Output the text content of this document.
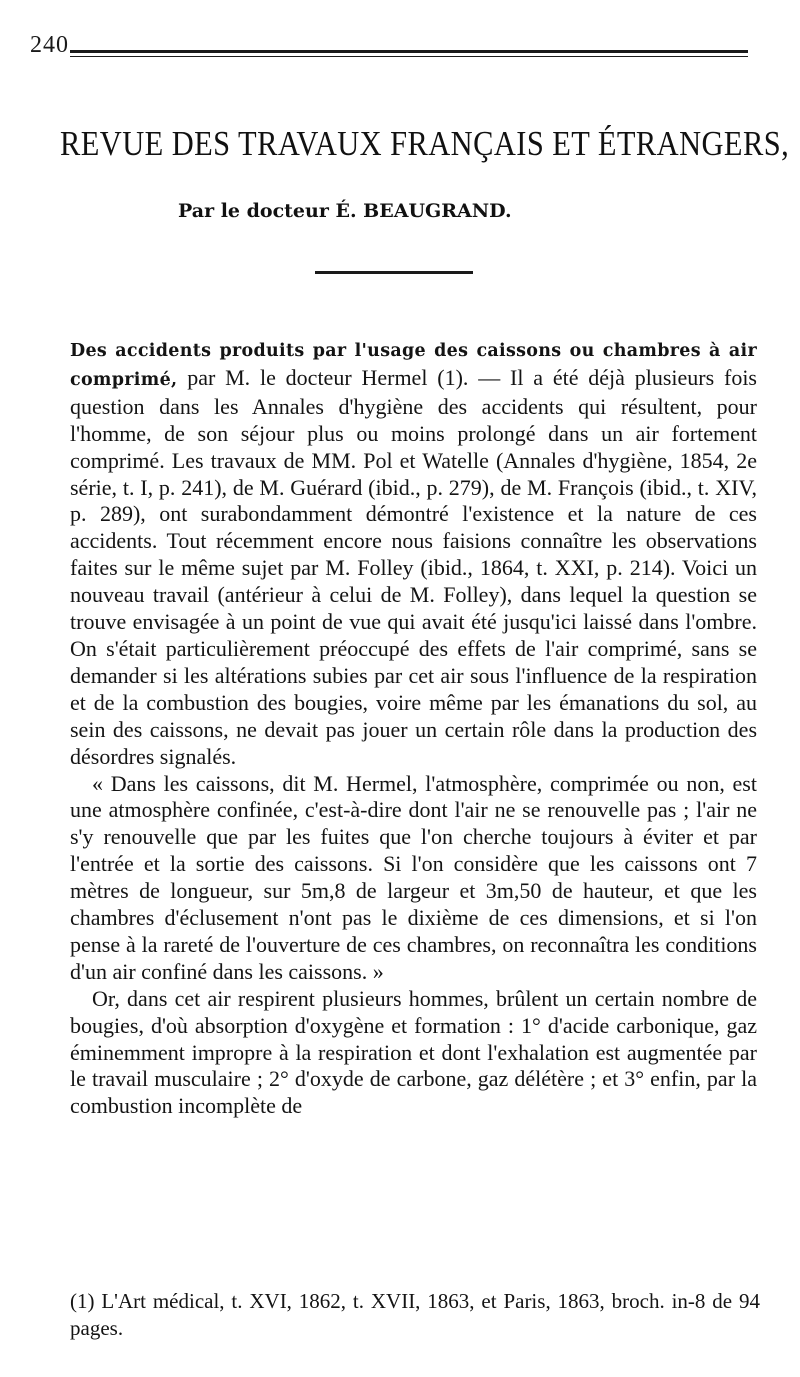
240
REVUE DES TRAVAUX FRANÇAIS ET ÉTRANGERS,

Par le docteur É. BEAUGRAND.

Des accidents produits par l'usage des caissons ou chambres à air comprimé, par M. le docteur Hermel (1). — Il a été déjà plusieurs fois question dans les Annales d'hygiène des accidents qui résultent, pour l'homme, de son séjour plus ou moins prolongé dans un air fortement comprimé. Les travaux de MM. Pol et Watelle (Annales d'hygiène, 1854, 2e série, t. I, p. 241), de M. Guérard (ibid., p. 279), de M. François (ibid., t. XIV, p. 289), ont surabondamment démontré l'existence et la nature de ces accidents. Tout récemment encore nous faisions connaître les observations faites sur le même sujet par M. Folley (ibid., 1864, t. XXI, p. 214). Voici un nouveau travail (antérieur à celui de M. Folley), dans lequel la question se trouve envisagée à un point de vue qui avait été jusqu'ici laissé dans l'ombre. On s'était particulièrement préoccupé des effets de l'air comprimé, sans se demander si les altérations subies par cet air sous l'influence de la respiration et de la combustion des bougies, voire même par les émanations du sol, au sein des caissons, ne devait pas jouer un certain rôle dans la production des désordres signalés.

« Dans les caissons, dit M. Hermel, l'atmosphère, comprimée ou non, est une atmosphère confinée, c'est-à-dire dont l'air ne se renouvelle pas ; l'air ne s'y renouvelle que par les fuites que l'on cherche toujours à éviter et par l'entrée et la sortie des caissons. Si l'on considère que les caissons ont 7 mètres de longueur, sur 5m,8 de largeur et 3m,50 de hauteur, et que les chambres d'éclusement n'ont pas le dixième de ces dimensions, et si l'on pense à la rareté de l'ouverture de ces chambres, on reconnaîtra les conditions d'un air confiné dans les caissons. »

Or, dans cet air respirent plusieurs hommes, brûlent un certain nombre de bougies, d'où absorption d'oxygène et formation : 1° d'acide carbonique, gaz éminemment impropre à la respiration et dont l'exhalation est augmentée par le travail musculaire ; 2° d'oxyde de carbone, gaz délétère ; et 3° enfin, par la combustion incomplète de

(1) L'Art médical, t. XVI, 1862, t. XVII, 1863, et Paris, 1863, broch. in-8 de 94 pages.
